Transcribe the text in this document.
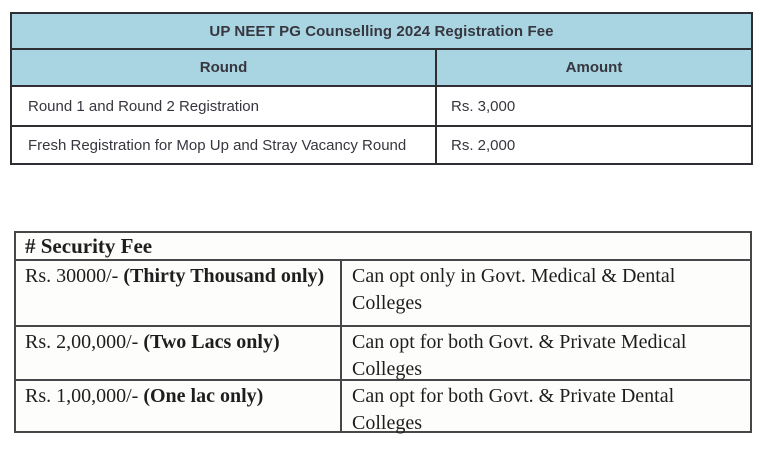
UP NEET PG Counselling 2024 Registration Fee
Round	Amount
Round 1 and Round 2 Registration	Rs. 3,000
Fresh Registration for Mop Up and Stray Vacancy Round	Rs. 2,000
# Security Fee
Rs. 30000/- (Thirty Thousand only)	Can opt only in Govt. Medical & Dental Colleges
Rs. 2,00,000/- (Two Lacs only)	Can opt for both Govt. & Private Medical Colleges
Rs. 1,00,000/- (One lac only)	Can opt for both Govt. & Private Dental Colleges
